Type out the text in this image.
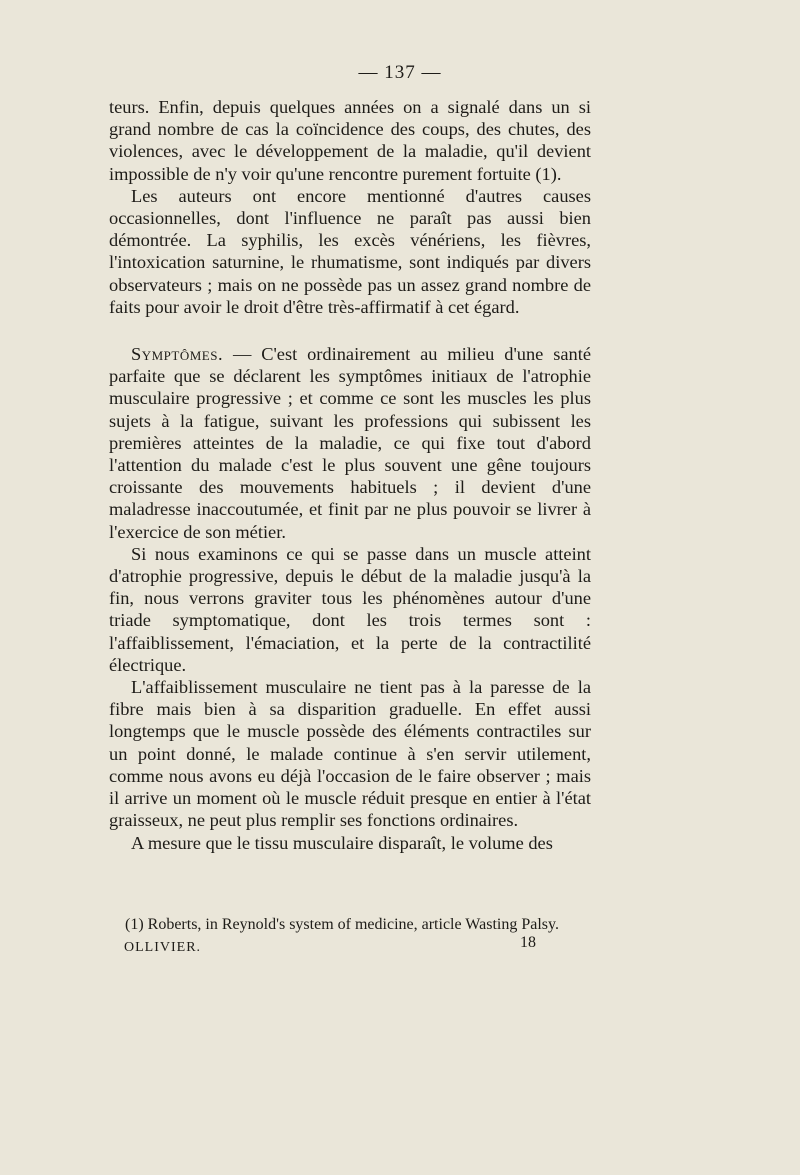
— 137 —

teurs. Enfin, depuis quelques années on a signalé dans un si grand nombre de cas la coïncidence des coups, des chutes, des violences, avec le développement de la maladie, qu'il devient impossible de n'y voir qu'une rencontre purement fortuite (1).

Les auteurs ont encore mentionné d'autres causes occasionnelles, dont l'influence ne paraît pas aussi bien démontrée. La syphilis, les excès vénériens, les fièvres, l'intoxication saturnine, le rhumatisme, sont indiqués par divers observateurs ; mais on ne possède pas un assez grand nombre de faits pour avoir le droit d'être très-affirmatif à cet égard.

Symptômes. — C'est ordinairement au milieu d'une santé parfaite que se déclarent les symptômes initiaux de l'atrophie musculaire progressive ; et comme ce sont les muscles les plus sujets à la fatigue, suivant les professions qui subissent les premières atteintes de la maladie, ce qui fixe tout d'abord l'attention du malade c'est le plus souvent une gêne toujours croissante des mouvements habituels ; il devient d'une maladresse inaccoutumée, et finit par ne plus pouvoir se livrer à l'exercice de son métier.

Si nous examinons ce qui se passe dans un muscle atteint d'atrophie progressive, depuis le début de la maladie jusqu'à la fin, nous verrons graviter tous les phénomènes autour d'une triade symptomatique, dont les trois termes sont : l'affaiblissement, l'émaciation, et la perte de la contractilité électrique.

L'affaiblissement musculaire ne tient pas à la paresse de la fibre mais bien à sa disparition graduelle. En effet aussi longtemps que le muscle possède des éléments contractiles sur un point donné, le malade continue à s'en servir utilement, comme nous avons eu déjà l'occasion de le faire observer ; mais il arrive un moment où le muscle réduit presque en entier à l'état graisseux, ne peut plus remplir ses fonctions ordinaires.

A mesure que le tissu musculaire disparaît, le volume des

(1) Roberts, in Reynold's system of medicine, article Wasting Palsy.
OLLIVIER.	18
